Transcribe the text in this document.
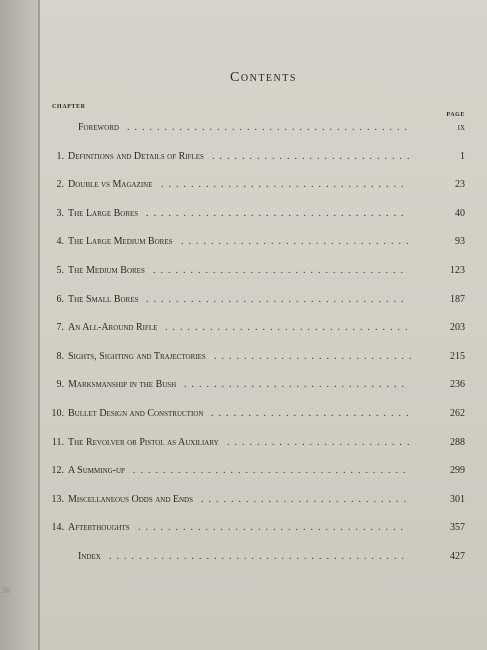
38
Contents
CHAPTER
PAGE
Foreword ......................................	ix
1. Definitions and Details of Rifles ...........................	1
2. Double vs Magazine .................................	23
3. The Large Bores ...................................	40
4. The Large Medium Bores ...............................	93
5. The Medium Bores ..................................	123
6. The Small Bores ...................................	187
7. An All-Around Rifle .................................	203
8. Sights, Sighting and Trajectories ...........................	215
9. Marksmanship in the Bush ..............................	236
10. Bullet Design and Construction ...........................	262
11. The Revolver or Pistol as Auxiliary .........................	288
12. A Summing-up .....................................	299
13. Miscellaneous Odds and Ends ............................	301
14. Afterthoughts ....................................	357
Index ........................................	427
